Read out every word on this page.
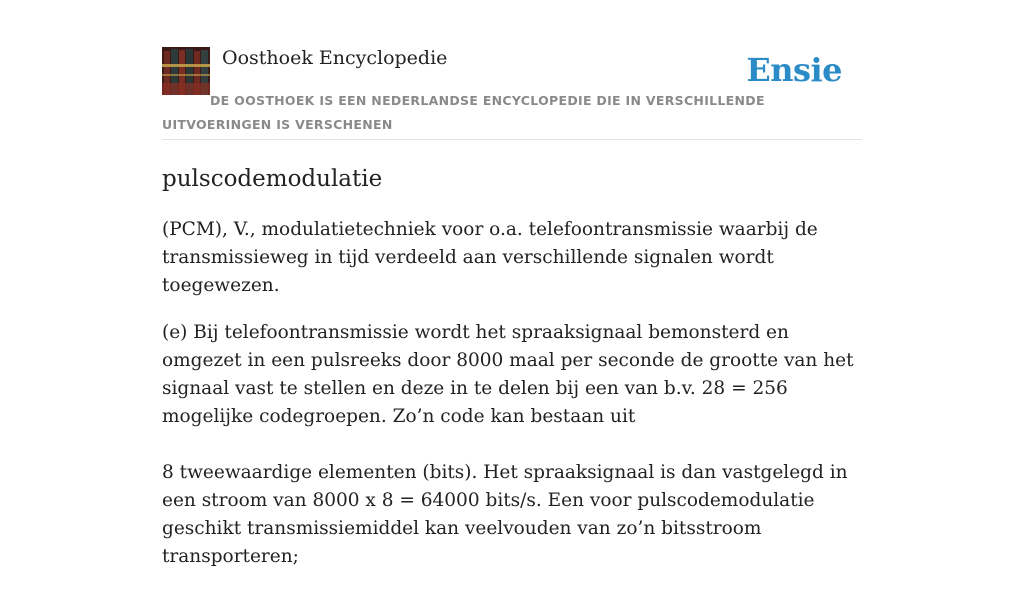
Oosthoek Encyclopedie	Ensie
DE OOSTHOEK IS EEN NEDERLANDSE ENCYCLOPEDIE DIE IN VERSCHILLENDE UITVOERINGEN IS VERSCHENEN
pulscodemodulatie

(PCM), V., modulatietechniek voor o.a. telefoontransmissie waarbij de transmissieweg in tijd verdeeld aan verschillende signalen wordt toegewezen.

(e) Bij telefoontransmissie wordt het spraaksignaal bemonsterd en omgezet in een pulsreeks door 8000 maal per seconde de grootte van het signaal vast te stellen en deze in te delen bij een van b.v. 28 = 256 mogelijke codegroepen. Zo’n code kan bestaan uit

8 tweewaardige elementen (bits). Het spraaksignaal is dan vastgelegd in een stroom van 8000 x 8 = 64000 bits/s. Een voor pulscodemodulatie geschikt transmissiemiddel kan veelvouden van zo’n bitsstroom transporteren;
